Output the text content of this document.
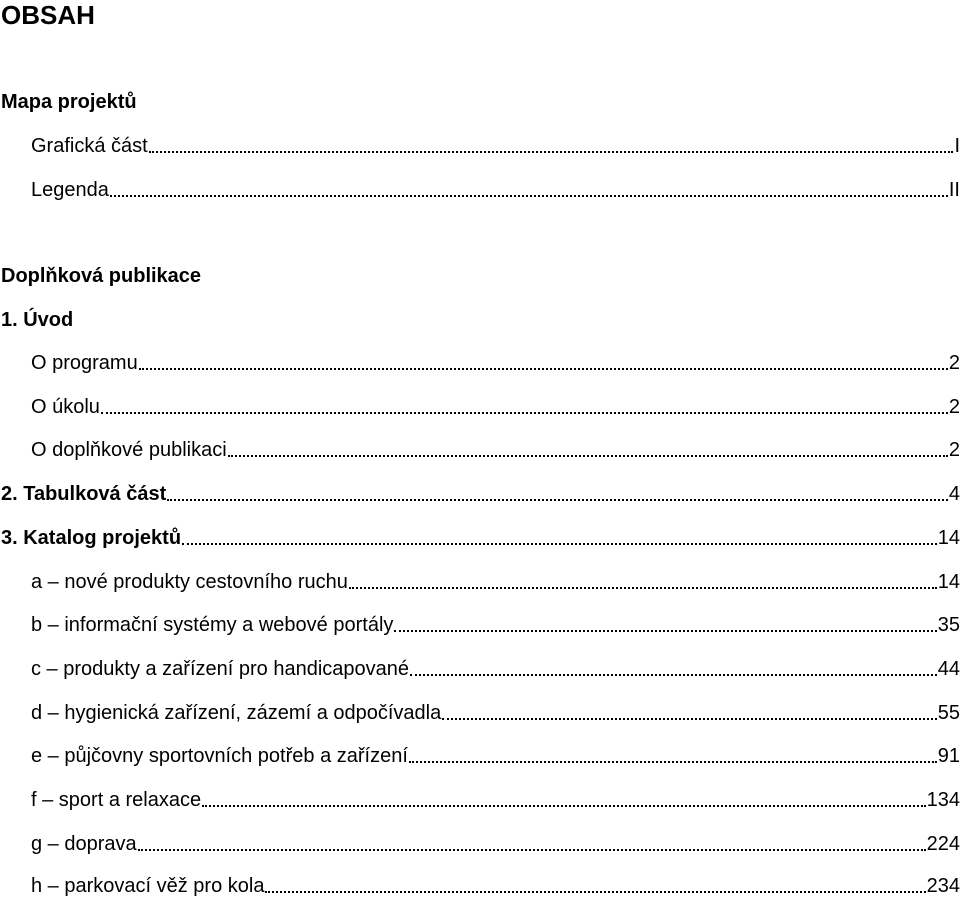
OBSAH
Mapa projektů
Grafická část	I
Legenda	II
Doplňková publikace
1. Úvod
O programu	2
O úkolu	2
O doplňkové publikaci	2
2. Tabulková část	4
3. Katalog projektů	14
a – nové produkty cestovního ruchu	14
b – informační systémy a webové portály	35
c – produkty a zařízení pro handicapované	44
d – hygienická zařízení, zázemí a odpočívadla	55
e – půjčovny sportovních potřeb a zařízení	91
f – sport a relaxace	134
g – doprava	224
h – parkovací věž pro kola	234
